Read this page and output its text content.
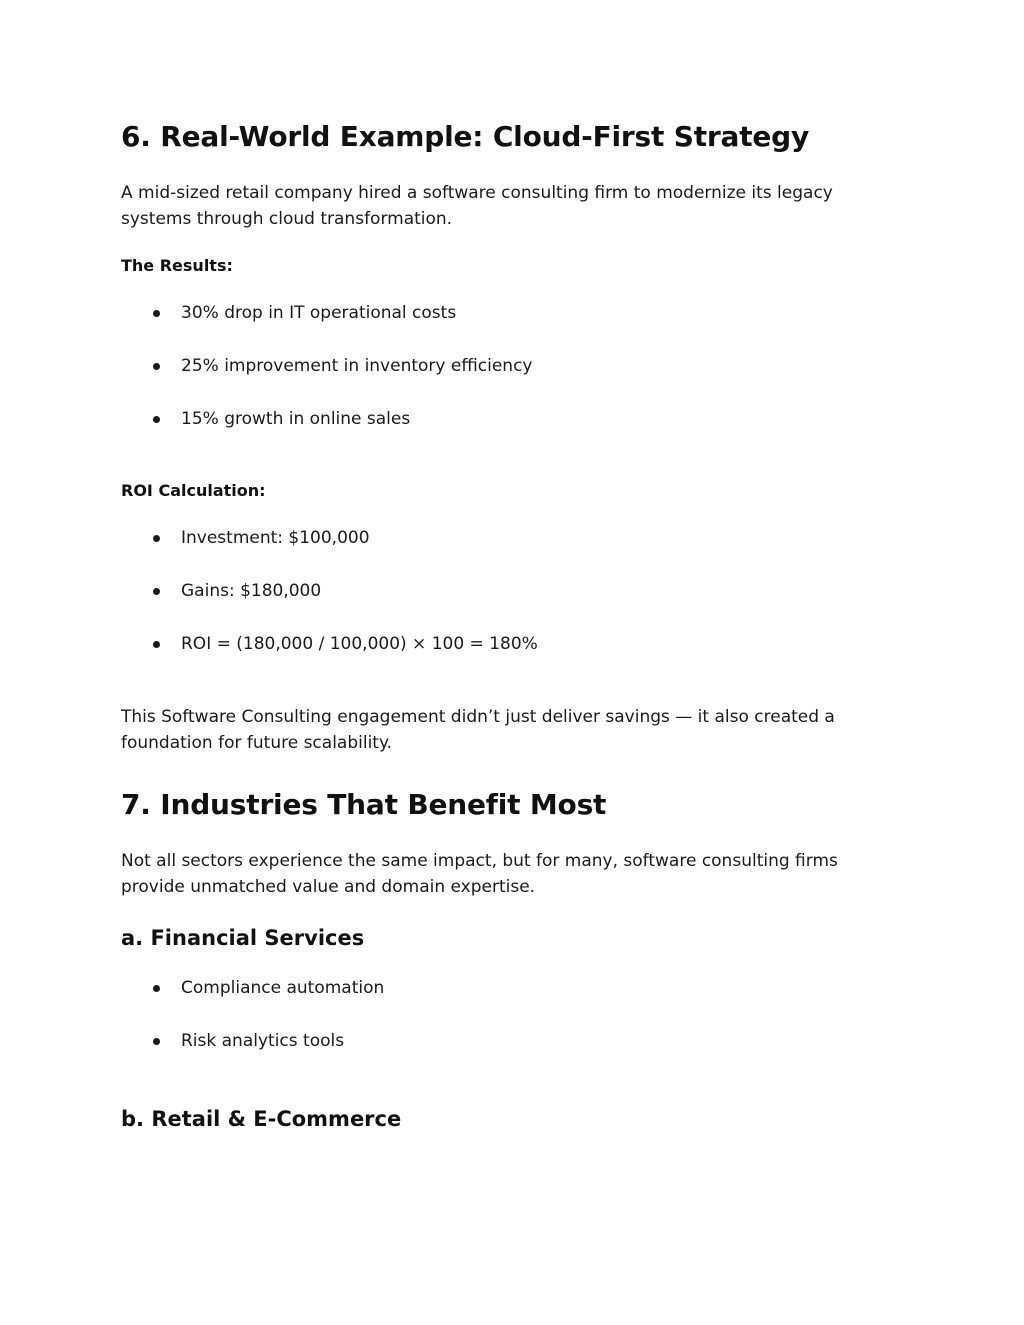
6. Real-World Example: Cloud-First Strategy

A mid-sized retail company hired a software consulting firm to modernize its legacy systems through cloud transformation.

The Results:

30% drop in IT operational costs
25% improvement in inventory efficiency
15% growth in online sales

ROI Calculation:

Investment: $100,000
Gains: $180,000
ROI = (180,000 / 100,000) × 100 = 180%

This Software Consulting engagement didn’t just deliver savings — it also created a foundation for future scalability.

7. Industries That Benefit Most

Not all sectors experience the same impact, but for many, software consulting firms provide unmatched value and domain expertise.

a. Financial Services
Compliance automation
Risk analytics tools
b. Retail & E-Commerce
